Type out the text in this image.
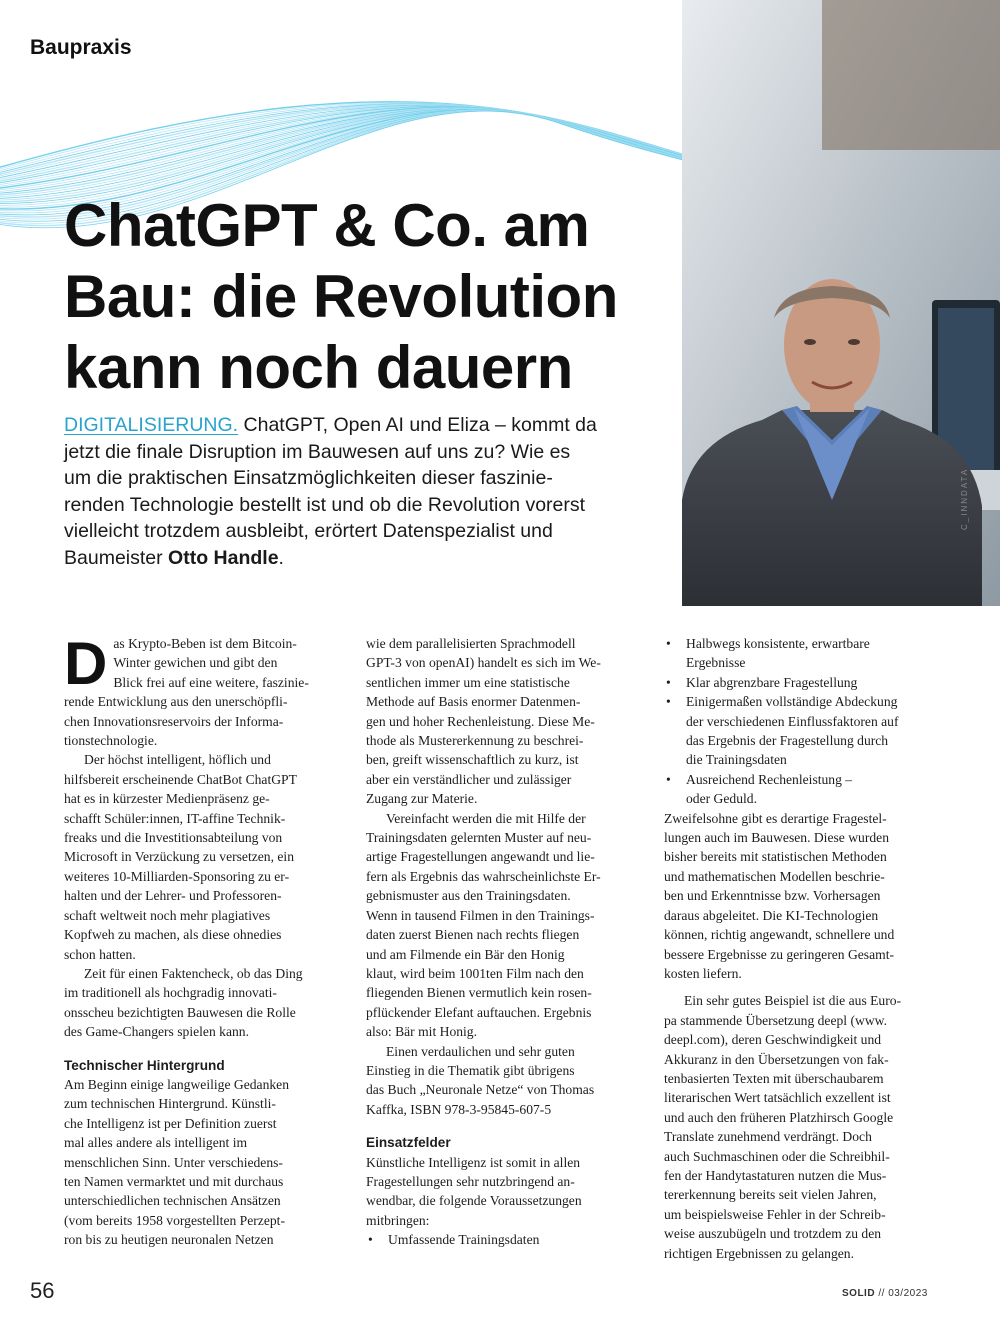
C_INNDATA
Baupraxis
ChatGPT & Co. am
Bau: die Revolution
kann noch dauern
DIGITALISIERUNG. ChatGPT, Open AI und Eliza – kommt da
jetzt die finale Disruption im Bauwesen auf uns zu? Wie es
um die praktischen Einsatzmöglichkeiten dieser faszinie-
renden Technologie bestellt ist und ob die Revolution vorerst
vielleicht trotzdem ausbleibt, erörtert Datenspezialist und
Baumeister Otto Handle.
D as Krypto-Beben ist dem Bitcoin-
Winter gewichen und gibt den
Blick frei auf eine weitere, faszinie-
rende Entwicklung aus den unerschöpfli-
chen Innovationsreservoirs der Informa-
tionstechnologie.
Der höchst intelligent, höflich und
hilfsbereit erscheinende ChatBot ChatGPT
hat es in kürzester Medienpräsenz ge-
schafft Schüler:innen, IT-affine Technik-
freaks und die Investitionsabteilung von
Microsoft in Verzückung zu versetzen, ein
weiteres 10-Milliarden-Sponsoring zu er-
halten und der Lehrer- und Professoren-
schaft weltweit noch mehr plagiatives
Kopfweh zu machen, als diese ohnedies
schon hatten.
Zeit für einen Faktencheck, ob das Ding
im traditionell als hochgradig innovati-
onsscheu bezichtigten Bauwesen die Rolle
des Game-Changers spielen kann.
Technischer Hintergrund
Am Beginn einige langweilige Gedanken
zum technischen Hintergrund. Künstli-
che Intelligenz ist per Definition zuerst
mal alles andere als intelligent im
menschlichen Sinn. Unter verschiedens-
ten Namen vermarktet und mit durchaus
unterschiedlichen technischen Ansätzen
(vom bereits 1958 vorgestellten Perzept-
ron bis zu heutigen neuronalen Netzen
wie dem parallelisierten Sprachmodell
GPT-3 von openAI) handelt es sich im We-
sentlichen immer um eine statistische
Methode auf Basis enormer Datenmen-
gen und hoher Rechenleistung. Diese Me-
thode als Mustererkennung zu beschrei-
ben, greift wissenschaftlich zu kurz, ist
aber ein verständlicher und zulässiger
Zugang zur Materie.
Vereinfacht werden die mit Hilfe der
Trainingsdaten gelernten Muster auf neu-
artige Fragestellungen angewandt und lie-
fern als Ergebnis das wahrscheinlichste Er-
gebnismuster aus den Trainingsdaten.
Wenn in tausend Filmen in den Trainings-
daten zuerst Bienen nach rechts fliegen
und am Filmende ein Bär den Honig
klaut, wird beim 1001ten Film nach den
fliegenden Bienen vermutlich kein rosen-
pflückender Elefant auftauchen. Ergebnis
also: Bär mit Honig.
Einen verdaulichen und sehr guten
Einstieg in die Thematik gibt übrigens
das Buch „Neuronale Netze“ von Thomas
Kaffka, ISBN 978-3-95845-607-5
Einsatzfelder
Künstliche Intelligenz ist somit in allen
Fragestellungen sehr nutzbringend an-
wendbar, die folgende Voraussetzungen
mitbringen:
• Umfassende Trainingsdaten
• Halbwegs konsistente, erwartbare
Ergebnisse
• Klar abgrenzbare Fragestellung
• Einigermaßen vollständige Abdeckung
der verschiedenen Einflussfaktoren auf
das Ergebnis der Fragestellung durch
die Trainingsdaten
• Ausreichend Rechenleistung –
oder Geduld.
Zweifelsohne gibt es derartige Fragestel-
lungen auch im Bauwesen. Diese wurden
bisher bereits mit statistischen Methoden
und mathematischen Modellen beschrie-
ben und Erkenntnisse bzw. Vorhersagen
daraus abgeleitet. Die KI-Technologien
können, richtig angewandt, schnellere und
bessere Ergebnisse zu geringeren Gesamt-
kosten liefern.
Ein sehr gutes Beispiel ist die aus Euro-
pa stammende Übersetzung deepl (www.
deepl.com), deren Geschwindigkeit und
Akkuranz in den Übersetzungen von fak-
tenbasierten Texten mit überschaubarem
literarischen Wert tatsächlich exzellent ist
und auch den früheren Platzhirsch Google
Translate zunehmend verdrängt. Doch
auch Suchmaschinen oder die Schreibhil-
fen der Handytastaturen nutzen die Mus-
tererkennung bereits seit vielen Jahren,
um beispielsweise Fehler in der Schreib-
weise auszubügeln und trotzdem zu den
richtigen Ergebnissen zu gelangen.
56	SOLID // 03/2023
